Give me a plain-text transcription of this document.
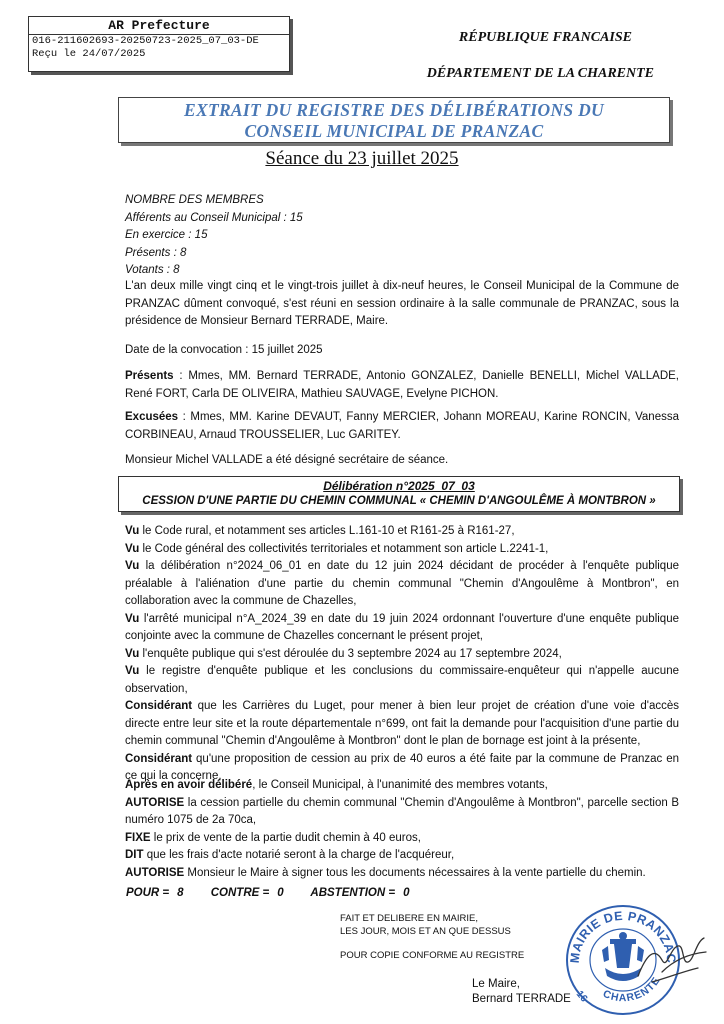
AR Prefecture
016-211602693-20250723-2025_07_03-DE
Reçu le 24/07/2025
RÉPUBLIQUE FRANCAISE
DÉPARTEMENT DE LA CHARENTE
EXTRAIT DU REGISTRE DES DÉLIBÉRATIONS DU
CONSEIL MUNICIPAL DE PRANZAC
Séance du 23 juillet 2025
NOMBRE DES MEMBRES
Afférents au Conseil Municipal : 15
En exercice : 15
Présents : 8
Votants : 8
L'an deux mille vingt cinq et le vingt-trois juillet à dix-neuf heures, le Conseil Municipal de la Commune de PRANZAC dûment convoqué, s'est réuni en session ordinaire à la salle communale de PRANZAC, sous la présidence de Monsieur Bernard TERRADE, Maire.
Date de la convocation : 15 juillet 2025
Présents : Mmes, MM. Bernard TERRADE, Antonio GONZALEZ, Danielle BENELLI, Michel VALLADE, René FORT, Carla DE OLIVEIRA, Mathieu SAUVAGE, Evelyne PICHON.
Excusées : Mmes, MM. Karine DEVAUT, Fanny MERCIER, Johann MOREAU, Karine RONCIN, Vanessa CORBINEAU, Arnaud TROUSSELIER, Luc GARITEY.
Monsieur Michel VALLADE a été désigné secrétaire de séance.
Délibération n°2025_07_03
CESSION D'UNE PARTIE DU CHEMIN COMMUNAL « CHEMIN D'ANGOULÊME À MONTBRON »
Vu le Code rural, et notamment ses articles L.161-10 et R161-25 à R161-27,
Vu le Code général des collectivités territoriales et notamment son article L.2241-1,
Vu la délibération n°2024_06_01 en date du 12 juin 2024 décidant de procéder à l'enquête publique préalable à l'aliénation d'une partie du chemin communal "Chemin d'Angoulême à Montbron", en collaboration avec la commune de Chazelles,
Vu l'arrêté municipal n°A_2024_39 en date du 19 juin 2024 ordonnant l'ouverture d'une enquête publique conjointe avec la commune de Chazelles concernant le présent projet,
Vu l'enquête publique qui s'est déroulée du 3 septembre 2024 au 17 septembre 2024,
Vu le registre d'enquête publique et les conclusions du commissaire-enquêteur qui n'appelle aucune observation,
Considérant que les Carrières du Luget, pour mener à bien leur projet de création d'une voie d'accès directe entre leur site et la route départementale n°699, ont fait la demande pour l'acquisition d'une partie du chemin communal "Chemin d'Angoulême à Montbron" dont le plan de bornage est joint à la présente,
Considérant qu'une proposition de cession au prix de 40 euros a été faite par la commune de Pranzac en ce qui la concerne,
Après en avoir délibéré, le Conseil Municipal, à l'unanimité des membres votants,
AUTORISE la cession partielle du chemin communal "Chemin d'Angoulême à Montbron", parcelle section B numéro 1075 de 2a 70ca,
FIXE le prix de vente de la partie dudit chemin à 40 euros,
DIT que les frais d'acte notarié seront à la charge de l'acquéreur,
AUTORISE Monsieur le Maire à signer tous les documents nécessaires à la vente partielle du chemin.
POUR = 8 CONTRE = 0 ABSTENTION = 0
FAIT ET DELIBERE EN MAIRIE,
LES JOUR, MOIS ET AN QUE DESSUS
POUR COPIE CONFORME AU REGISTRE
Le Maire,
Bernard TERRADE
MAIRIE DE PRANZAC
CHARENTE
16
